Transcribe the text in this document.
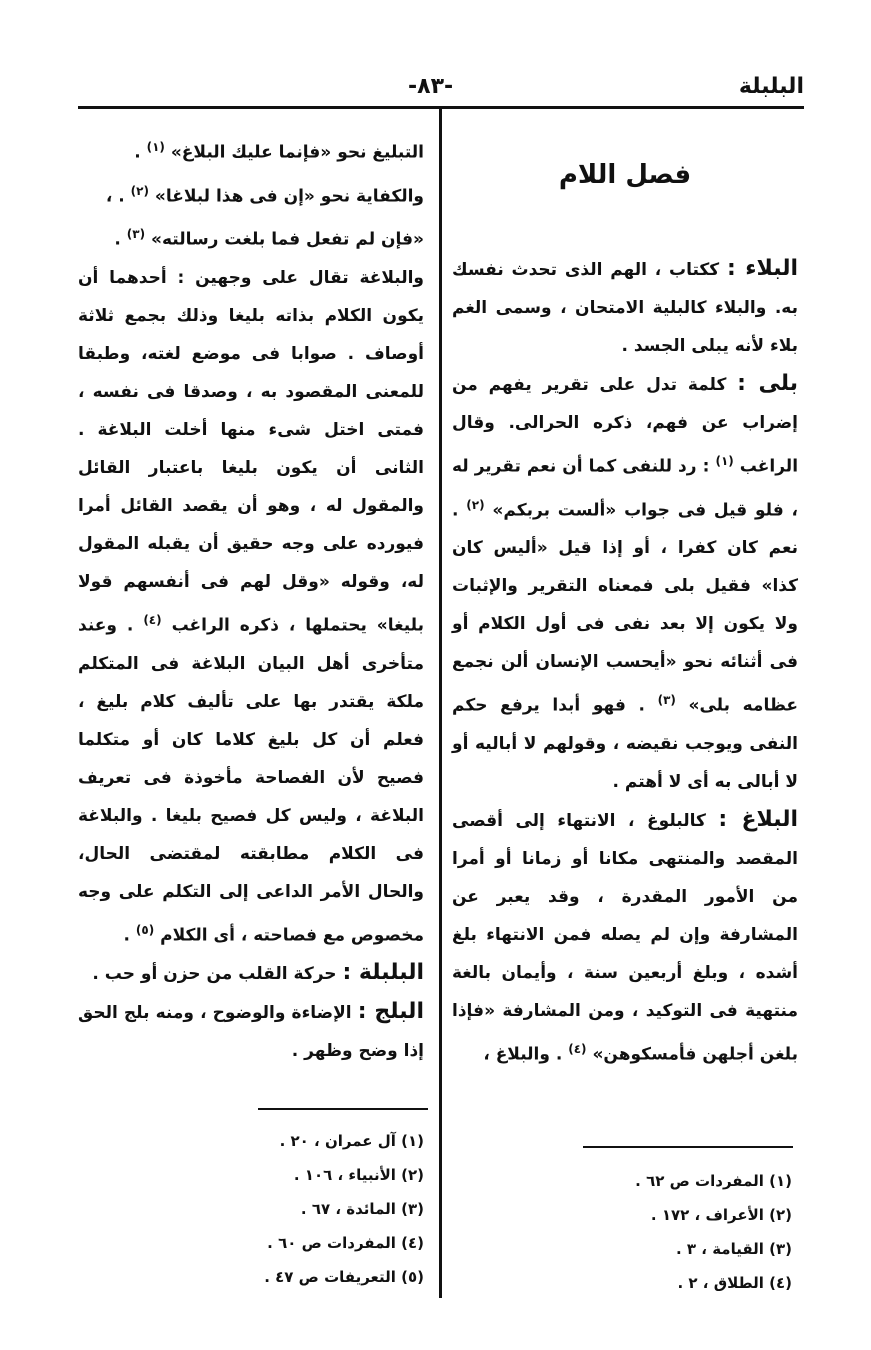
البلبلة
-٨٣-
فصل اللام

البلاء : ككتاب ، الهم الذى تحدث نفسك به. والبلاء كالبلية الامتحان ، وسمى الغم بلاء لأنه يبلى الجسد .

بلى : كلمة تدل على تقرير يفهم من إضراب عن فهم، ذكره الحرالى. وقال الراغب $^{(١)}$ : رد للنفى كما أن نعم تقرير له ، فلو قيل فى جواب «ألست بربكم» $^{(٢)}$ . نعم كان كفرا ، أو إذا قيل «أليس كان كذا» فقيل بلى فمعناه التقرير والإثبات ولا يكون إلا بعد نفى فى أول الكلام أو فى أثنائه نحو «أيحسب الإنسان ألن نجمع عظامه بلى» $^{(٣)}$ . فهو أبدا يرفع حكم النفى ويوجب نقيضه ، وقولهم لا أباليه أو لا أبالى به أى لا أهتم .

البلاغ : كالبلوغ ، الانتهاء إلى أقصى المقصد والمنتهى مكانا أو زمانا أو أمرا من الأمور المقدرة ، وقد يعبر عن المشارفة وإن لم يصله فمن الانتهاء بلغ أشده ، وبلغ أربعين سنة ، وأيمان بالغة منتهية فى التوكيد ، ومن المشارفة «فإذا بلغن أجلهن فأمسكوهن» $^{(٤)}$ . والبلاغ ،

(١) المفردات ص ٦٢ .
(٢) الأعراف ، ١٧٢ .
(٣) القيامة ، ٣ .
(٤) الطلاق ، ٢ .

التبليغ نحو «فإنما عليك البلاغ» $^{(١)}$ .

والكفاية نحو «إن فى هذا لبلاغا» $^{(٢)}$ . ،

«فإن لم تفعل فما بلغت رسالته» $^{(٣)}$ .

والبلاغة تقال على وجهين : أحدهما أن يكون الكلام بذاته بليغا وذلك بجمع ثلاثة أوصاف . صوابا فى موضع لغته، وطبقا للمعنى المقصود به ، وصدقا فى نفسه ، فمتى اختل شىء منها أخلت البلاغة . الثانى أن يكون بليغا باعتبار القائل والمقول له ، وهو أن يقصد القائل أمرا فيورده على وجه حقيق أن يقبله المقول له، وقوله «وقل لهم فى أنفسهم قولا بليغا» يحتملها ، ذكره الراغب $^{(٤)}$ . وعند متأخرى أهل البيان البلاغة فى المتكلم ملكة يقتدر بها على تأليف كلام بليغ ، فعلم أن كل بليغ كلاما كان أو متكلما فصيح لأن الفصاحة مأخوذة فى تعريف البلاغة ، وليس كل فصيح بليغا . والبلاغة فى الكلام مطابقته لمقتضى الحال، والحال الأمر الداعى إلى التكلم على وجه مخصوص مع فصاحته ، أى الكلام $^{(٥)}$ .

البلبلة : حركة القلب من حزن أو حب .

البلج : الإضاءة والوضوح ، ومنه بلج الحق إذا وضح وظهر .

(١) آل عمران ، ٢٠ .
(٢) الأنبياء ، ١٠٦ .
(٣) المائدة ، ٦٧ .
(٤) المفردات ص ٦٠ .
(٥) التعريفات ص ٤٧ .
